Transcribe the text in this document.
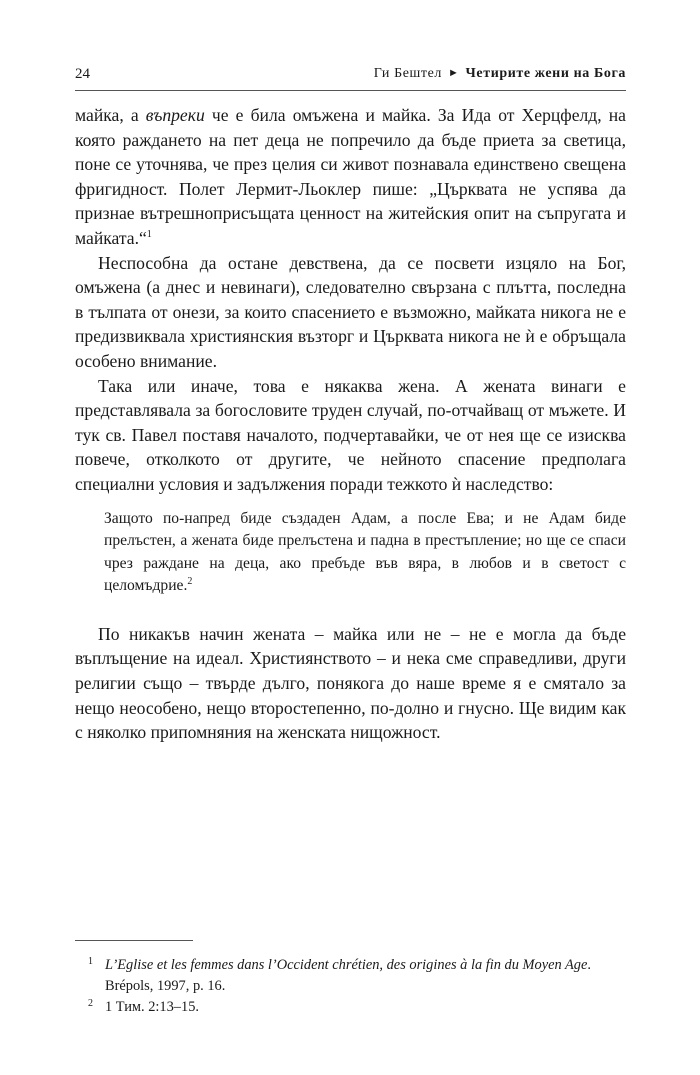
24	Ги Бештел ► Четирите жени на Бога

майка, а въпреки че е била омъжена и майка. За Ида от Херцфелд, на която раждането на пет деца не попречило да бъде приета за светица, поне се уточнява, че през целия си живот познавала единствено свещена фригидност. Полет Лермит-Льоклер пише: „Църквата не успява да признае вътрешноприсъщата ценност на житейския опит на съпругата и майката.“$^1$

Неспособна да остане девствена, да се посвети изцяло на Бог, омъжена (а днес и невинаги), следователно свързана с плътта, последна в тълпата от онези, за които спасението е възможно, майката никога не е предизвиквала християнския възторг и Църквата никога не ѝ е обръщала особено внимание.

Така или иначе, това е някаква жена. А жената винаги е представлявала за богословите труден случай, по-отчайващ от мъжете. И тук св. Павел поставя началото, подчертавайки, че от нея ще се изисква повече, отколкото от другите, че нейното спасение предполага специални условия и задължения поради тежкото ѝ наследство:

Защото по-напред биде създаден Адам, а после Ева; и не Адам биде прелъстен, а жената биде прелъстена и падна в престъпление; но ще се спаси чрез раждане на деца, ако пребъде във вяра, в любов и в светост с целомъдрие.$^2$

По никакъв начин жената – майка или не – не е могла да бъде въплъщение на идеал. Християнството – и нека сме справедливи, други религии също – твърде дълго, понякога до наше време я е смятало за нещо неособено, нещо второстепенно, по-долно и гнусно. Ще видим как с няколко припомняния на женската нищожност.

1 L’Eglise et les femmes dans l’Occident chrétien, des origines à la fin du Moyen Age. Brépols, 1997, p. 16.
2 1 Тим. 2:13–15.
